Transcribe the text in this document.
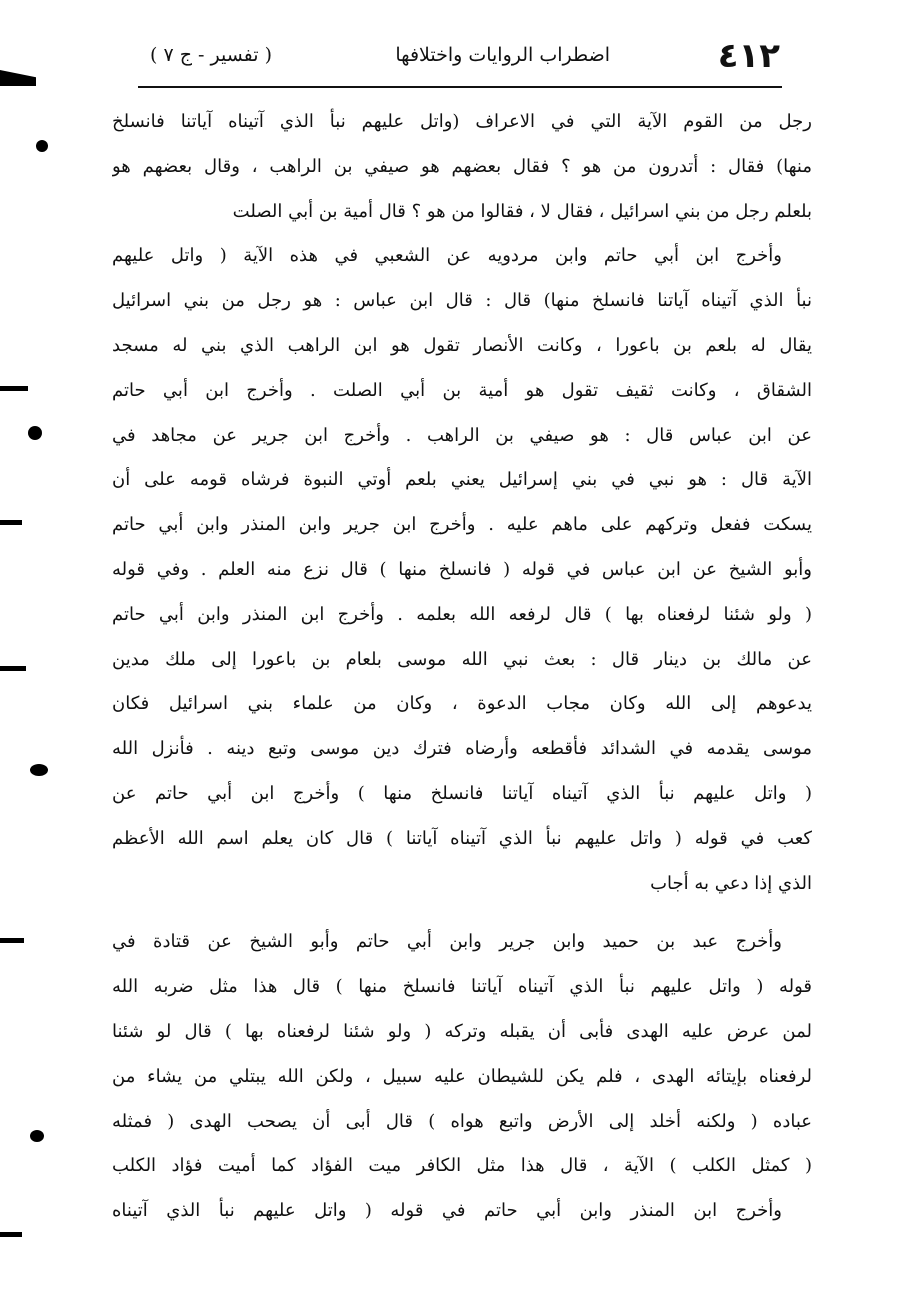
٤١٢
اضطراب الروايات واختلافها
( تفسير - ج ٧ )
رجل من القوم الآية التي في الاعراف (واتل عليهم نبأ الذي آتيناه آياتنا فانسلخ
منها) فقال : أتدرون من هو ؟ فقال بعضهم هو صيفي بن الراهب ، وقال بعضهم هو
بلعلم رجل من بني اسرائيل ، فقال لا ، فقالوا من هو ؟ قال أمية بن أبي الصلت
وأخرج ابن أبي حاتم وابن مردويه عن الشعبي في هذه الآية ( واتل عليهم
نبأ الذي آتيناه آياتنا فانسلخ منها) قال : قال ابن عباس : هو رجل من بني اسرائيل
يقال له بلعم بن باعورا ، وكانت الأنصار تقول هو ابن الراهب الذي بني له مسجد
الشقاق ، وكانت ثقيف تقول هو أمية بن أبي الصلت . وأخرج ابن أبي حاتم
عن ابن عباس قال : هو صيفي بن الراهب . وأخرج ابن جرير عن مجاهد في
الآية قال : هو نبي في بني إسرائيل يعني بلعم أوتي النبوة فرشاه قومه على أن
يسكت ففعل وتركهم على ماهم عليه . وأخرج ابن جرير وابن المنذر وابن أبي حاتم
وأبو الشيخ عن ابن عباس في قوله ( فانسلخ منها ) قال نزع منه العلم . وفي قوله
( ولو شئنا لرفعناه بها ) قال لرفعه الله بعلمه . وأخرج ابن المنذر وابن أبي حاتم
عن مالك بن دينار قال : بعث نبي الله موسى بلعام بن باعورا إلى ملك مدين
يدعوهم إلى الله وكان مجاب الدعوة ، وكان من علماء بني اسرائيل فكان
موسى يقدمه في الشدائد فأقطعه وأرضاه فترك دين موسى وتبع دينه . فأنزل الله
( واتل عليهم نبأ الذي آتيناه آياتنا فانسلخ منها ) وأخرج ابن أبي حاتم عن
كعب في قوله ( واتل عليهم نبأ الذي آتيناه آياتنا ) قال كان يعلم اسم الله الأعظم
الذي إذا دعي به أجاب
وأخرج عبد بن حميد وابن جرير وابن أبي حاتم وأبو الشيخ عن قتادة في
قوله ( واتل عليهم نبأ الذي آتيناه آياتنا فانسلخ منها ) قال هذا مثل ضربه الله
لمن عرض عليه الهدى فأبى أن يقبله وتركه ( ولو شئنا لرفعناه بها ) قال لو شئنا
لرفعناه بإيتائه الهدى ، فلم يكن للشيطان عليه سبيل ، ولكن الله يبتلي من يشاء من
عباده ( ولكنه أخلد إلى الأرض واتبع هواه ) قال أبى أن يصحب الهدى ( فمثله
( كمثل الكلب ) الآية ، قال هذا مثل الكافر ميت الفؤاد كما أميت فؤاد الكلب
وأخرج ابن المنذر وابن أبي حاتم في قوله ( واتل عليهم نبأ الذي آتيناه
